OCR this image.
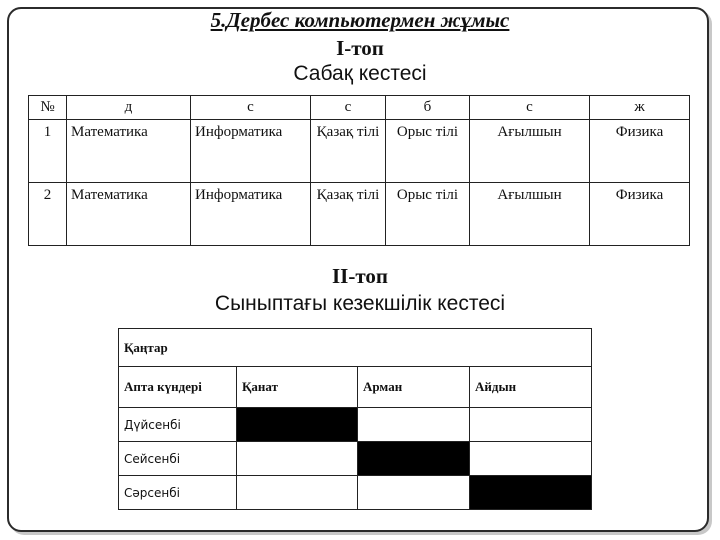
5.Дербес компьютермен жұмыс
І-топ
Сабақ кестесі
№	д	с	с	б	с	ж
1	Математика	Информатика	Қазақ тілі	Орыс тілі	Ағылшын	Физика
2	Математика	Информатика	Қазақ тілі	Орыс тілі	Ағылшын	Физика
ІІ-топ
Сыныптағы кезекшілік кестесі
Қаңтар			
Апта күндері	Қанат	Арман	Айдын
Дүйсенбі			
Сейсенбі			
Сәрсенбі			
